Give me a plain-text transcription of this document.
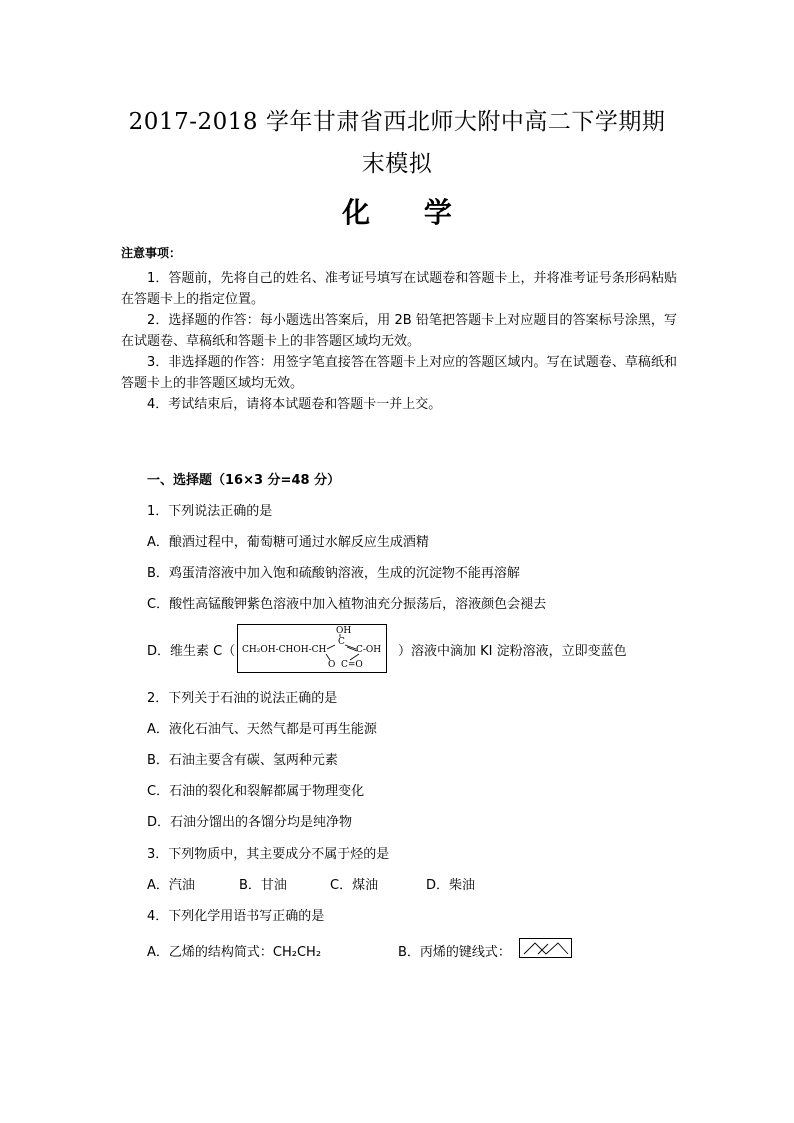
2017-2018 学年甘肃省西北师大附中高二下学期期
末模拟
化 学
注意事项：
1．答题前，先将自己的姓名、准考证号填写在试题卷和答题卡上，并将准考证号条形码粘贴在答题卡上的指定位置。
2．选择题的作答：每小题选出答案后，用 2B 铅笔把答题卡上对应题目的答案标号涂黑，写在试题卷、草稿纸和答题卡上的非答题区域均无效。
3．非选择题的作答：用签字笔直接答在答题卡上对应的答题区域内。写在试题卷、草稿纸和答题卡上的非答题区域均无效。
4．考试结束后，请将本试题卷和答题卡一并上交。
一、选择题（16×3 分=48 分）
1．下列说法正确的是
A．酿酒过程中，葡萄糖可通过水解反应生成酒精
B．鸡蛋清溶液中加入饱和硫酸钠溶液，生成的沉淀物不能再溶解
C．酸性高锰酸钾紫色溶液中加入植物油充分振荡后，溶液颜色会褪去
D．维生素 C（ CH₂OH-CHOH-CH
OH
C
C-OH
O C=O
）溶液中滴加 KI 淀粉溶液，立即变蓝色
2．下列关于石油的说法正确的是
A．液化石油气、天然气都是可再生能源
B．石油主要含有碳、氢两种元素
C．石油的裂化和裂解都属于物理变化
D．石油分馏出的各馏分均是纯净物
3．下列物质中，其主要成分不属于烃的是
A．汽油	B．甘油	C．煤油	D．柴油
4．下列化学用语书写正确的是
A．乙烯的结构简式：CH₂CH₂	B．丙烯的键线式：
